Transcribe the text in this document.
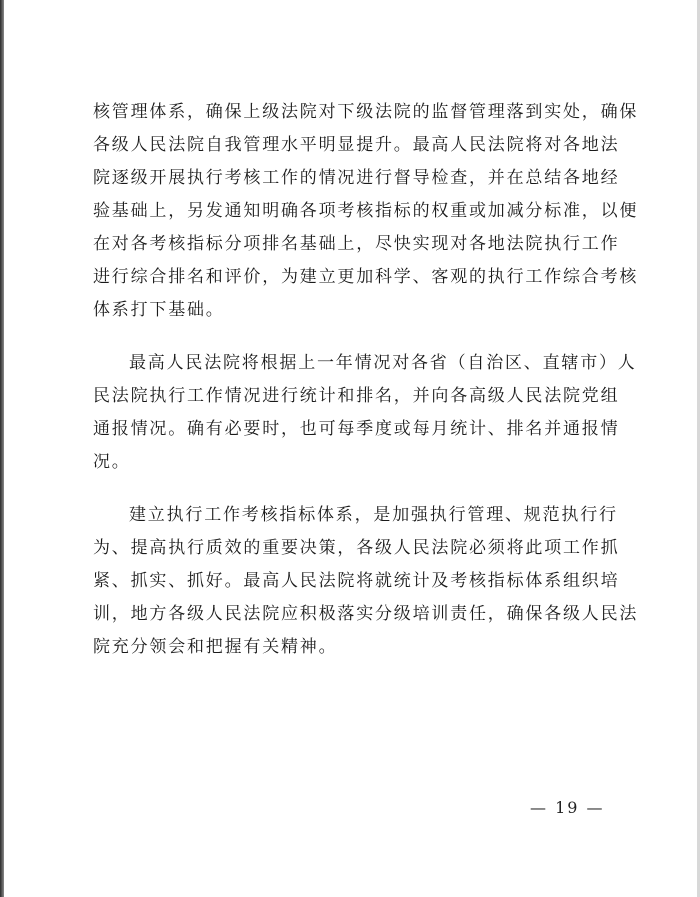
核管理体系，确保上级法院对下级法院的监督管理落到实处，确保
各级人民法院自我管理水平明显提升。最高人民法院将对各地法
院逐级开展执行考核工作的情况进行督导检查，并在总结各地经
验基础上，另发通知明确各项考核指标的权重或加减分标准，以便
在对各考核指标分项排名基础上，尽快实现对各地法院执行工作
进行综合排名和评价，为建立更加科学、客观的执行工作综合考核
体系打下基础。
最高人民法院将根据上一年情况对各省（自治区、直辖市）人
民法院执行工作情况进行统计和排名，并向各高级人民法院党组
通报情况。确有必要时，也可每季度或每月统计、排名并通报情
况。
建立执行工作考核指标体系，是加强执行管理、规范执行行
为、提高执行质效的重要决策，各级人民法院必须将此项工作抓
紧、抓实、抓好。最高人民法院将就统计及考核指标体系组织培
训，地方各级人民法院应积极落实分级培训责任，确保各级人民法
院充分领会和把握有关精神。
— 19 —
